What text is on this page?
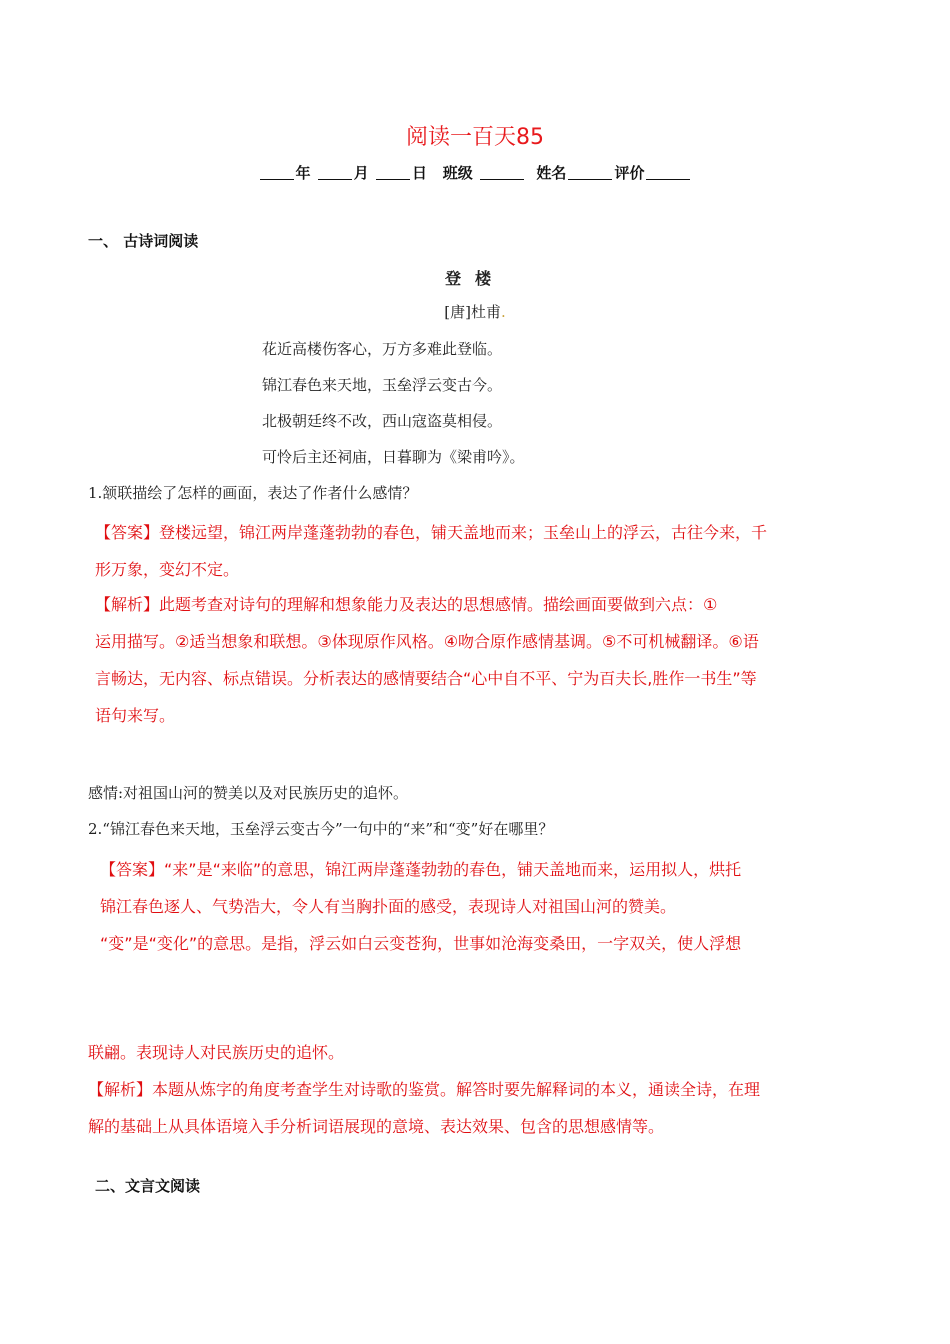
阅读一百天85
年	月	日 班级	姓名	评价
一、 古诗词阅读
登楼
[唐]杜甫.
花近高楼伤客心，万方多难此登临。
锦江春色来天地，玉垒浮云变古今。
北极朝廷终不改，西山寇盗莫相侵。
可怜后主还祠庙，日暮聊为《梁甫吟》。
1.颔联描绘了怎样的画面，表达了作者什么感情？
【答案】登楼远望，锦江两岸蓬蓬勃勃的春色，铺天盖地而来；玉垒山上的浮云，古往今来，千
形万象，变幻不定。
【解析】此题考查对诗句的理解和想象能力及表达的思想感情。描绘画面要做到六点：①
运用描写。②适当想象和联想。③体现原作风格。④吻合原作感情基调。⑤不可机械翻译。⑥语
言畅达，无内容、标点错误。分析表达的感情要结合“心中自不平、宁为百夫长,胜作一书生”等
语句来写。
感情:对祖国山河的赞美以及对民族历史的追怀。
2.“锦江春色来天地，玉垒浮云变古今”一句中的“来”和“变”好在哪里？
【答案】“来”是“来临”的意思，锦江两岸蓬蓬勃勃的春色，铺天盖地而来，运用拟人，烘托
锦江春色逐人、气势浩大，令人有当胸扑面的感受，表现诗人对祖国山河的赞美。
“变”是“变化”的意思。是指，浮云如白云变苍狗，世事如沧海变桑田，一字双关，使人浮想
联翩。表现诗人对民族历史的追怀。
【解析】本题从炼字的角度考查学生对诗歌的鉴赏。解答时要先解释词的本义，通读全诗，在理
解的基础上从具体语境入手分析词语展现的意境、表达效果、包含的思想感情等。
二、文言文阅读
